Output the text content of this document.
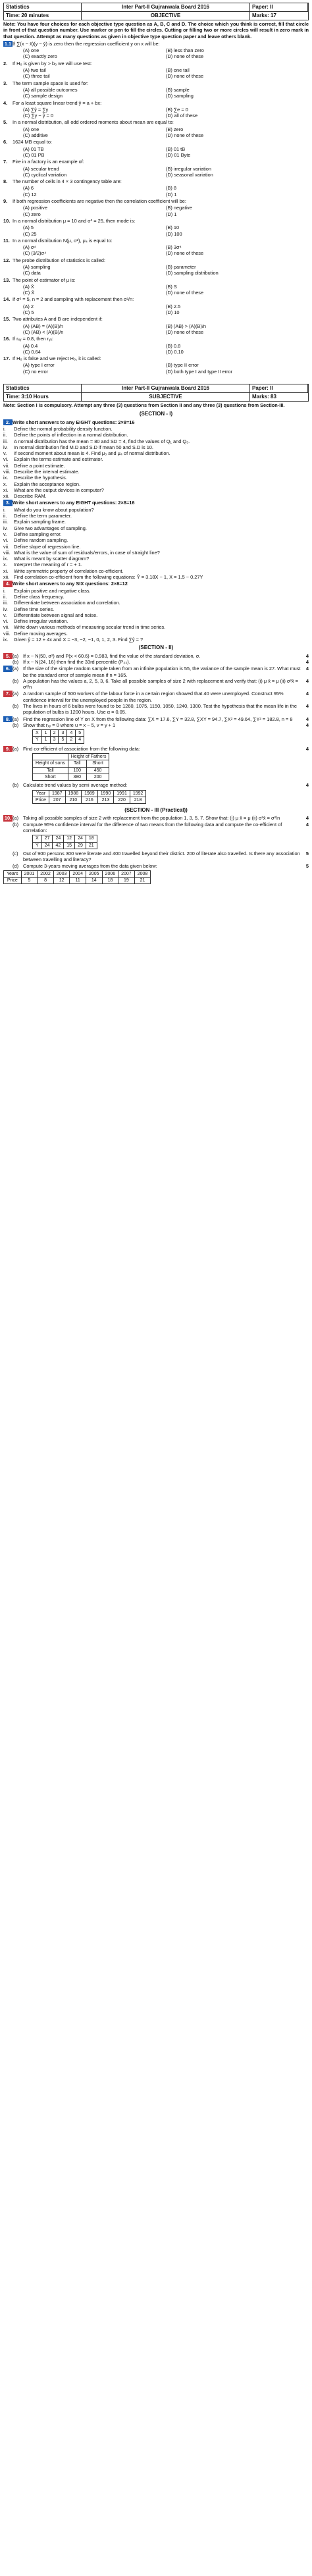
Statistics	Inter Part-II Gujranwala Board 2016	Paper: II
Time: 20 minutes	OBJECTIVE	Marks: 17
Note: You have four choices for each objective type question as A, B, C and D. The choice which you think is correct, fill that circle in front of that question number. Use marker or pen to fill the circles. Cutting or filling two or more circles will result in zero mark in that question. Attempt as many questions as given in objective type question paper and leave others blank.
1.1 If ∑(x − x̄)(y − ȳ) is zero then the regression coefficient y on x will be:
(A) one	(B) less than zero
(C) exactly zero	(D) none of these
2.	If H₀ is given by > b₀ we will use test:
(A) two tail	(B) one tail
(C) three tail	(D) none of these
3.	The term sample space is used for:
(A) all possible outcomes	(B) sample
(C) sample design	(D) sampling
4.	For a least square linear trend ŷ = a + bx:
(A) ∑ŷ = ∑y	(B) ∑e = 0
(C) ∑y − ŷ = 0	(D) all of these
5.	In a normal distribution, all odd ordered moments about mean are equal to:
(A) one	(B) zero
(C) additive	(D) none of these
6.	1624 MB equal to:
(A) 01 TB	(B) 01 tB
(C) 01 PB	(D) 01 Byte
7.	Fire in a factory is an example of:
(A) secular trend	(B) irregular variation
(C) cyclical variation	(D) seasonal variation
8.	The number of cells in 4 × 3 contingency table are:
(A) 6	(B) 8
(C) 12	(D) 1
9.	If both regression coefficients are negative then the correlation coefficient will be:
(A) positive	(B) negative
(C) zero	(D) 1
10. In a normal distribution μ = 10 and σ² = 25, then mode is:
(A) 5	(B) 10
(C) 25	(D) 100
11. In a normal distribution N(μ, σ²), μ₄ is equal to:
(A) σ⁴	(B) 3σ⁴
(C) (3/2)σ⁴	(D) none of these
12. The probe distribution of statistics is called:
(A) sampling	(B) parameter
(C) data	(D) sampling distribution
13. The point of estimator of μ is:
(A) X̄	(B) S
(C) X̄	(D) none of these
14. If σ² = 5, n = 2 and sampling with replacement then σ²/n:
(A) 2	(B) 2.5
(C) 5	(D) 10
15. Two attributes A and B are independent if:
(A) (AB) = (A)(B)/n	(B) (AB) > (A)(B)/n
(C) (AB) < (A)(B)/n	(D) none of these
16. If rₓᵧ = 0.8, then rᵧₓ:
(A) 0.4	(B) 0.8
(C) 0.64	(D) 0.10
17. If H₀ is false and we reject H₀, it is called:
(A) type I error	(B) type II error
(C) no error	(D) both type I and type II error
Statistics	Inter Part-II Gujranwala Board 2016	Paper: II
Time: 3:10 Hours	SUBJECTIVE	Marks: 83
Note: Section I is compulsory. Attempt any three (3) questions from Section II and any three (3) questions from Section-III.
(SECTION - I)
2. Write short answers to any EIGHT questions: 2×8=16
i.	Define the normal probability density function.
ii.	Define the points of inflection in a normal distribution.
iii.	A normal distribution has the mean = 80 and SD = 4, find the values of Q₁ and Q₃.
iv.	In normal distribution find M.D and S.D if mean 50 and S.D is 10.
v.	If second moment about mean is 4. Find μ₃ and μ₄ of normal distribution.
vi.	Explain the terms estimate and estimator.
vii. Define a point estimate.
viii. Describe the interval estimate.
ix.	Describe the hypothesis.
x.	Explain the acceptance region.
xi.	What are the output devices in computer?
xii. Describe RAM.
3. Write short answers to any EIGHT questions: 2×8=16
i.	What do you know about population?
ii.	Define the term parameter.
iii.	Explain sampling frame.
iv.	Give two advantages of sampling.
v.	Define sampling error.
vi.	Define random sampling.
vii. Define slope of regression line.
viii. What is the value of sum of residuals/errors, in case of straight line?
ix.	What is meant by scatter diagram?
x.	Interpret the meaning of r = + 1.
xi.	Write symmetric property of correlation co-efficient.
xii. Find correlation co-efficient from the following equations: Ŷ = 3.18X − 1, X = 1.5 − 0.27Y
4. Write short answers to any SIX questions: 2×6=12
i.	Explain positive and negative class.
ii.	Define class frequency.
iii.	Differentiate between association and correlation.
iv.	Define time series.
v.	Differentiate between signal and noise.
vi.	Define irregular variation.
vii. Write down various methods of measuring secular trend in time series.
viii. Define moving averages.
ix.	Given ŷ = 12 + 4x and X = −3, −2, −1, 0, 1, 2, 3. Find ∑ŷ = ?
(SECTION - II)
5. (a) If x ~ N(50, σ²) and P(x < 60.6) = 0.983, find the value of the standard deviation, σ.	4
(b) If x ~ N(24, 16) then find the 33rd percentile (P₃₃).	4
6. (a) If the size of the simple random sample taken from an infinite population is 55, the variance of the sample mean is 27. What must be the standard error of sample mean if n = 165.
4
(b) A population has the values a, 2, 5, 3, 6. Take all possible samples of size 2 with replacement and verify that: (i) μ x̄ = μ (ii) σ²x̄ = σ²/n
4
7. (a) A random sample of 500 workers of the labour force in a certain region showed that 40 were unemployed. Construct 95% confidence interval for the unemployed people in the region.
4
(b) The lives in hours of 6 bulbs were found to be 1260, 1075, 1150, 1050, 1240, 1300. Test the hypothesis that the mean life in the population of bulbs is 1200 hours. Use α = 0.05.
4
8. (a) Find the regression line of Y on X from the following data: ∑X = 17.6, ∑Y = 32.8, ∑XY = 94.7, ∑X² = 49.64, ∑Y² = 182.8, n = 8	4
(b) Show that rₓᵧ = 0 where u = x − 5, v = y + 1	4
X	1	2	3	4	5
Y	1	3	5	2	4
9. (a) Find co-efficient of association from the following data:	4
	Height of Fathers	
Height of sons	Tall	Short
Tall	100	450
Short	380	200
(b) Calculate trend values by semi average method:	4
Year	1987	1988	1989	1990	1991	1992
Price	207	210	216	213	220	218
(SECTION - III (Practical))
10. (a) Taking all possible samples of size 2 with replacement from the population 1, 3, 5, 7. Show that: (i) μ x̄ = μ (ii) σ²x̄ = σ²/n	4
(b) Compute 95% confidence interval for the difference of two means from the following data and compute the co-efficient of correlation:
4
X	27	24	12	24	18
Y	24	42	15	29	21
(c) Out of 900 persons 300 were literate and 400 travelled beyond their district. 200 of literate also travelled. Is there any association between travelling and literacy?
5
(d) Compute 3-years moving averages from the data given below:	5
Years	2001	2002	2003	2004	2005	2006	2007	2008
Price	5	8	12	11	14	18	19	21
